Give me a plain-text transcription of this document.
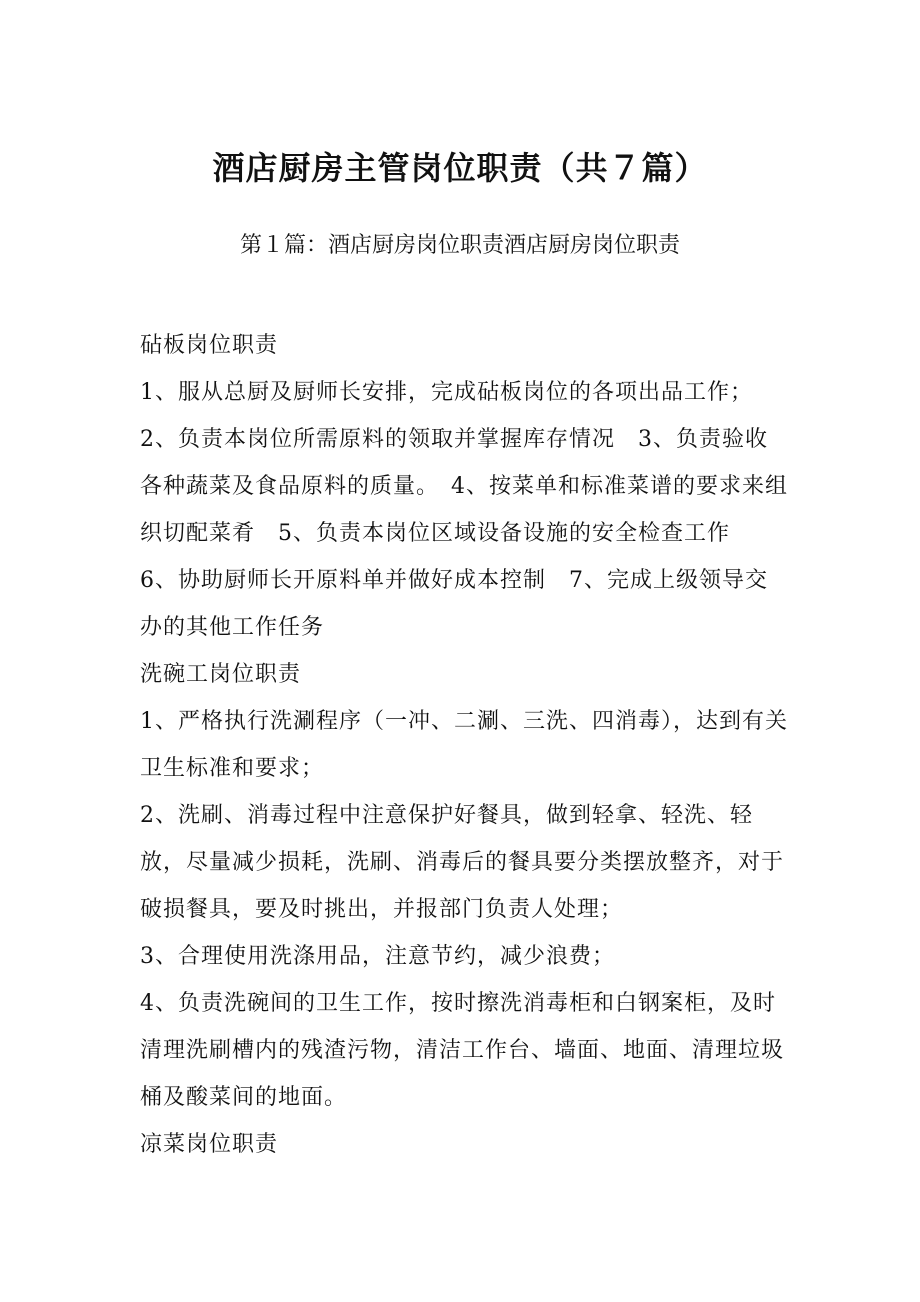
酒店厨房主管岗位职责（共７篇）

第１篇：酒店厨房岗位职责酒店厨房岗位职责

砧板岗位职责

1、服从总厨及厨师长安排，完成砧板岗位的各项出品工作；

2、负责本岗位所需原料的领取并掌握库存情况　3、负责验收各种蔬菜及食品原料的质量。　4、按菜单和标准菜谱的要求来组织切配菜肴　5、负责本岗位区域设备设施的安全检查工作　6、协助厨师长开原料单并做好成本控制　7、完成上级领导交办的其他工作任务

洗碗工岗位职责

1、严格执行洗涮程序（一冲、二涮、三洗、四消毒），达到有关卫生标准和要求；

2、洗刷、消毒过程中注意保护好餐具，做到轻拿、轻洗、轻放，尽量减少损耗，洗刷、消毒后的餐具要分类摆放整齐，对于破损餐具，要及时挑出，并报部门负责人处理；

3、合理使用洗涤用品，注意节约，减少浪费；

4、负责洗碗间的卫生工作，按时擦洗消毒柜和白钢案柜，及时清理洗刷槽内的残渣污物，清洁工作台、墙面、地面、清理垃圾桶及酸菜间的地面。

凉菜岗位职责
